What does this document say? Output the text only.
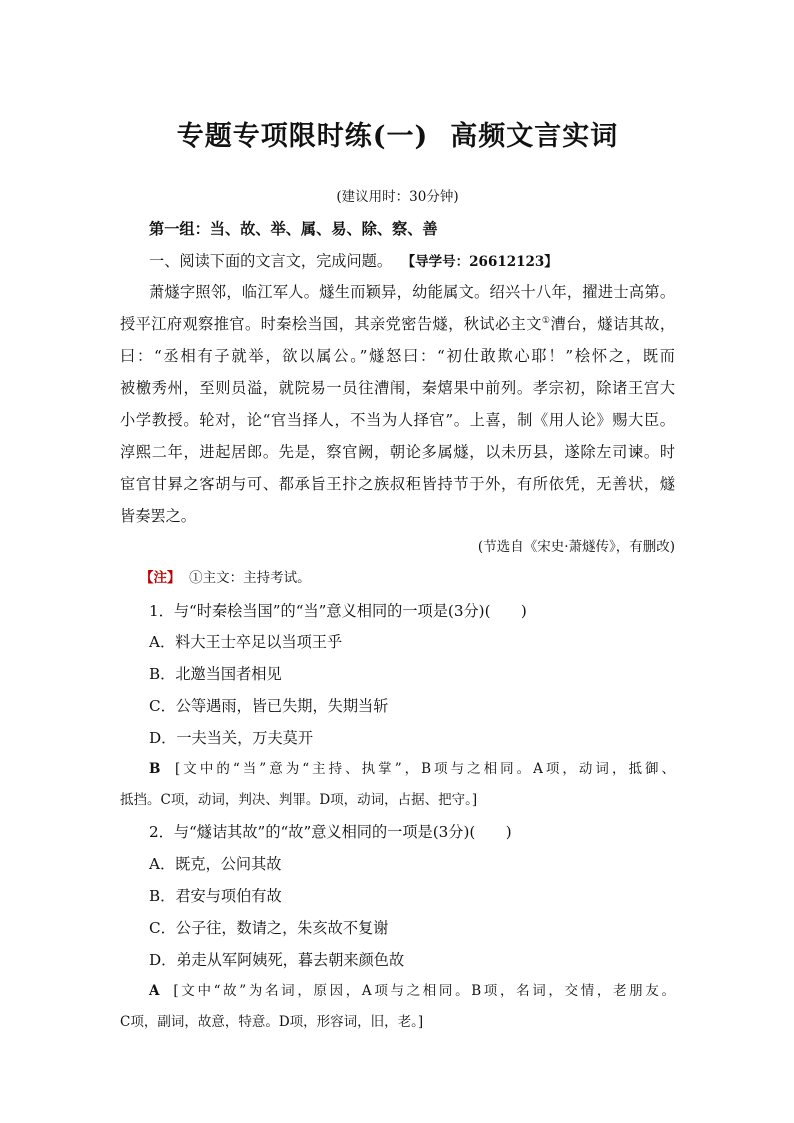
专题专项限时练(一) 高频文言实词
(建议用时：30分钟)
第一组：当、故、举、属、易、除、察、善
一、阅读下面的文言文，完成问题。 【导学号：26612123】
萧燧字照邻，临江军人。燧生而颖异，幼能属文。绍兴十八年，擢进士高第。
授平江府观察推官。时秦桧当国，其亲党密告燧，秋试必主文①漕台，燧诘其故，
曰：“丞相有子就举，欲以属公。”燧怒曰：“初仕敢欺心耶！”桧怀之，既而
被檄秀州，至则员溢，就院易一员往漕闱，秦熺果中前列。孝宗初，除诸王宫大
小学教授。轮对，论“官当择人，不当为人择官”。上喜，制《用人论》赐大臣。
淳熙二年，进起居郎。先是，察官阙，朝论多属燧，以未历县，遂除左司谏。时
宦官甘昪之客胡与可、都承旨王抃之族叔秬皆持节于外，有所依凭，无善状，燧
皆奏罢之。
(节选自《宋史·萧燧传》，有删改)
【注】 ①主文：主持考试。
1．与“时秦桧当国”的“当”意义相同的一项是(3分)(　　)
A．料大王士卒足以当项王乎
B．北邀当国者相见
C．公等遇雨，皆已失期，失期当斩
D．一夫当关，万夫莫开
B [文中的“当”意为“主持、执掌”，B项与之相同。A项，动词，抵御、
抵挡。C项，动词，判决、判罪。D项，动词，占据、把守。]
2．与“燧诘其故”的“故”意义相同的一项是(3分)(　　)
A．既克，公问其故
B．君安与项伯有故
C．公子往，数请之，朱亥故不复谢
D．弟走从军阿姨死，暮去朝来颜色故
A [文中“故”为名词，原因，A项与之相同。B项，名词，交情，老朋友。
C项，副词，故意，特意。D项，形容词，旧，老。]
